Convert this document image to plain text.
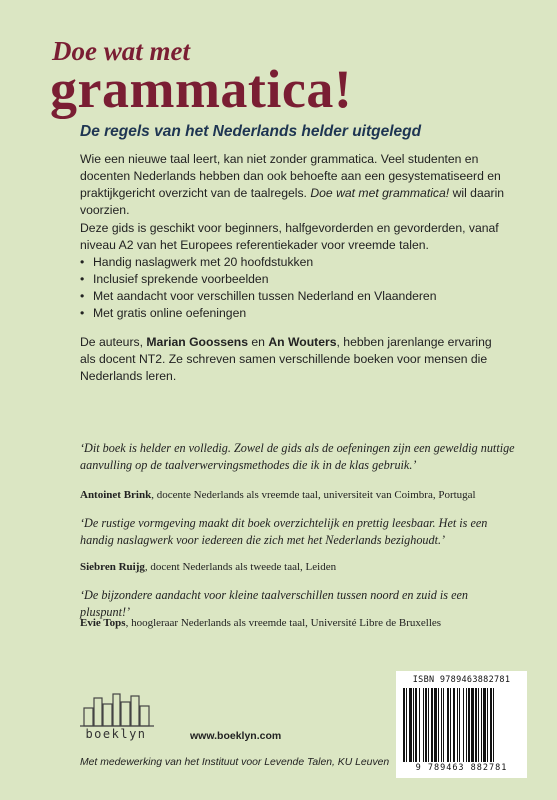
Doe wat met
grammatica!
De regels van het Nederlands helder uitgelegd

Wie een nieuwe taal leert, kan niet zonder grammatica. Veel studenten en docenten Nederlands hebben dan ook behoefte aan een gesystematiseerd en praktijkgericht overzicht van de taalregels. Doe wat met grammatica! wil daarin voorzien.

Deze gids is geschikt voor beginners, halfgevorderden en gevorderden, vanaf niveau A2 van het Europees referentiekader voor vreemde talen.

• Handig naslagwerk met 20 hoofdstukken
• Inclusief sprekende voorbeelden
• Met aandacht voor verschillen tussen Nederland en Vlaanderen
• Met gratis online oefeningen

De auteurs, Marian Goossens en An Wouters, hebben jarenlange ervaring als docent NT2. Ze schreven samen verschillende boeken voor mensen die Nederlands leren.

‘Dit boek is helder en volledig. Zowel de gids als de oefeningen zijn een geweldig nuttige aanvulling op de taalverwervingsmethodes die ik in de klas gebruik.’

Antoinet Brink, docente Nederlands als vreemde taal, universiteit van Coimbra, Portugal

‘De rustige vormgeving maakt dit boek overzichtelijk en prettig leesbaar. Het is een handig naslagwerk voor iedereen die zich met het Nederlands bezighoudt.’

Siebren Ruijg, docent Nederlands als tweede taal, Leiden

‘De bijzondere aandacht voor kleine taalverschillen tussen noord en zuid is een pluspunt!’

Evie Tops, hoogleraar Nederlands als vreemde taal, Université Libre de Bruxelles

boeklyn	www.boeklyn.com
Met medewerking van het Instituut voor Levende Talen, KU Leuven
ISBN 9789463882781
9 789463 882781
